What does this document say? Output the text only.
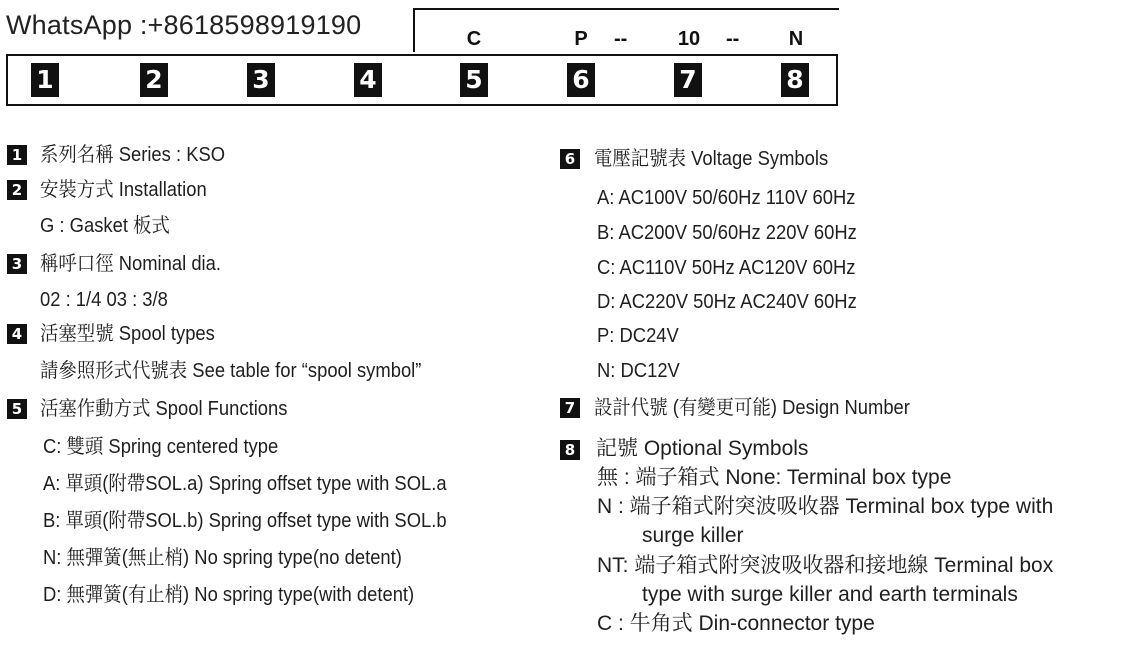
WhatsApp :+8618598919190	C	P	--	10 --	N
1	2	3	4	5	6	7	8
1 系列名稱 Series : KSO
2 安裝方式 Installation
G : Gasket 板式
3 稱呼口徑 Nominal dia.
02 : 1/4 03 : 3/8
4 活塞型號 Spool types
請參照形式代號表 See table for “spool symbol”
5 活塞作動方式 Spool Functions
C: 雙頭 Spring centered type
A: 單頭(附帶SOL.a) Spring offset type with SOL.a
B: 單頭(附帶SOL.b) Spring offset type with SOL.b
N: 無彈簧(無止梢) No spring type(no detent)
D: 無彈簧(有止梢) No spring type(with detent)
6 電壓記號表 Voltage Symbols
A: AC100V 50/60Hz 110V 60Hz
B: AC200V 50/60Hz 220V 60Hz
C: AC110V 50Hz AC120V 60Hz
D: AC220V 50Hz AC240V 60Hz
P: DC24V
N: DC12V
7 設計代號 (有變更可能) Design Number
8 記號 Optional Symbols
無 : 端子箱式 None: Terminal box type
N : 端子箱式附突波吸收器 Terminal box type with
surge killer
NT: 端子箱式附突波吸收器和接地線 Terminal box
type with surge killer and earth terminals
C : 牛角式 Din-connector type
